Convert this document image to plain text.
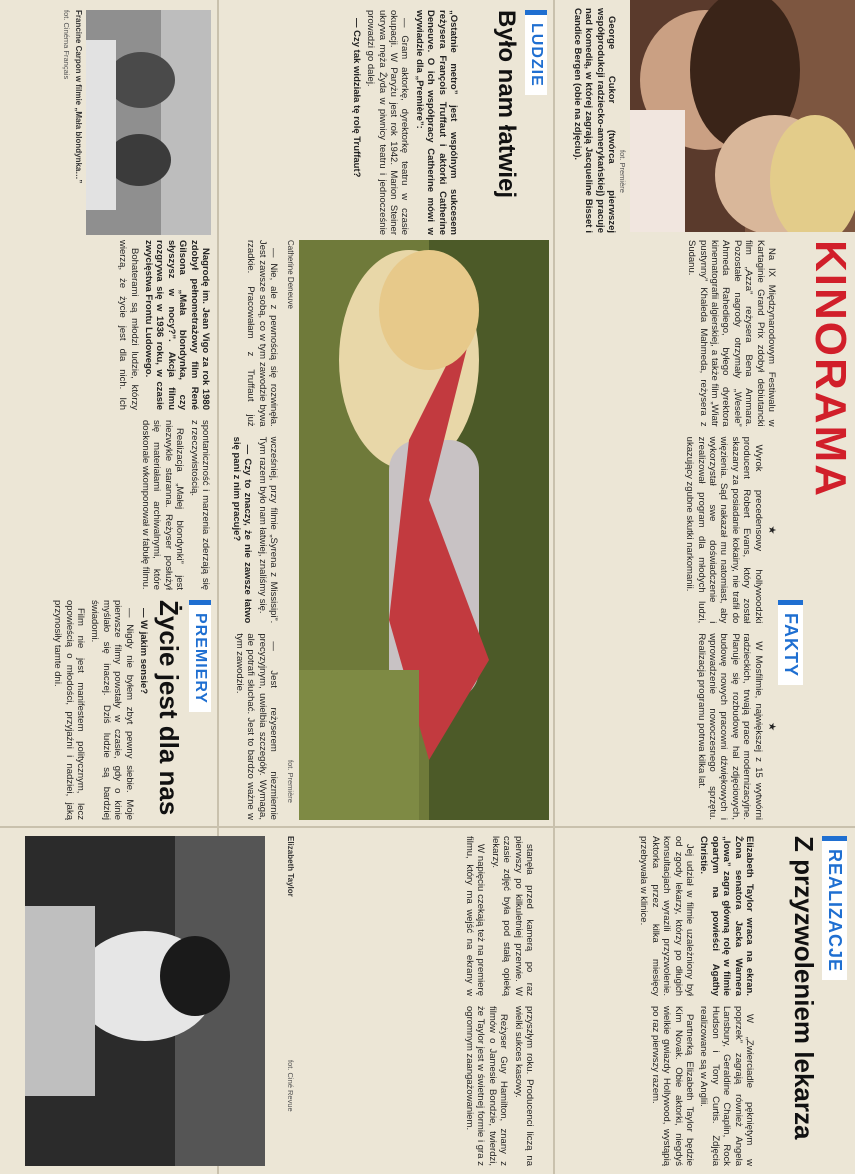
fot. Première
KINORAMA
FAKTY

Na IX Międzynarodowym Festiwalu w Kartaginie Grand Prix zdobył debiutancki film „Azza” reżysera Bena Ammara. Pozostałe nagrody otrzymały „Wesele” Ahmeda Rahediego, byłego dyrektora kinematografii algierskiej, a także film „Wiatr pustynny” Khaleda Mahmeda, reżysera z Sudanu.

★

Wyrok precedensowy hollywoodzki producent Robert Evans, który został skazany za posiadanie kokainy, nie trafił do więzienia. Sąd nakazał mu natomiast, aby wykorzystał swe doświadczenie i zrealizował program dla młodych ludzi, ukazujący zgubne skutki narkomanii.

★

W Mosfilmie, największej z 15 wytwórni radzieckich, trwają prace modernizacyjne. Planuje się rozbudowę hal zdjęciowych, budowę nowych pracowni dźwiękowych i wprowadzenie nowoczesnego sprzętu. Realizacja programu potrwa kilka lat.

George Cukor (twórca pierwszej współprodukcji radziecko-amerykańskiej) pracuje nad komedią, w której zagrają Jacqueline Bisset i Candice Bergen (obie na zdjęciu).

Catherine Deneuve
fot. Première
LUDZIE
Było nam łatwiej

„Ostatnie metro” jest wspólnym sukcesem reżysera François Truffaut i aktorki Catherine Deneuve. O ich współpracy Catherine mówi w wywiadzie dla „Première”:

— Gram aktorkę, dyrektorkę teatru w czasie okupacji. W Paryżu jest rok 1942. Marion Steiner ukrywa męża Żyda w piwnicy teatru i jednocześnie prowadzi go dalej.

— Czy tak widziała tę rolę Truffaut?

— Nie, ale z pewnością się rozwinęła. Jest zawsze sobą, co w tym zawodzie bywa rzadkie. Pracowałam z Truffaut już wcześniej, przy filmie „Syrena z Missisipi”. Tym razem było nam łatwiej, znaliśmy się.

— Czy to znaczy, że nie zawsze łatwo się pani z nim pracuje?

— Jest reżyserem niezmiernie precyzyjnym, uwielbia szczegóły. Wymaga, ale potrafi słuchać. Jest to bardzo ważne w tym zawodzie.

Francine Carpon w filmie „Mała blondynka…”
fot. Cinéma Français
PREMIERY
Życie jest dla nas

Nagrodę im. Jean Vigo za rok 1980 zdobył pełnometrażowy film René Gilsona „Mała blondynka, czy słyszysz w nocy?”. Akcja filmu rozgrywa się w 1936 roku, w czasie zwycięstwa Frontu Ludowego.

Bohaterami są młodzi ludzie, którzy wierzą, że życie jest dla nich. Ich spontaniczność i marzenia zderzają się z rzeczywistością.

Realizacja „Małej blondynki” jest niezwykle staranna. Reżyser posłużył się materiałami archiwalnymi, które doskonale wkomponował w fabułę filmu.

— W jakim sensie?

— Nigdy nie byłem zbyt pewny siebie. Moje pierwsze filmy powstały w czasie, gdy o kinie myślało się inaczej. Dziś ludzie są bardziej świadomi.

Film nie jest manifestem politycznym, lecz opowieścią o młodości, przyjaźni i nadziei, jaką przynosiły tamte dni.

REALIZACJE
Z przyzwoleniem lekarza

Elizabeth Taylor wraca na ekran. Żona senatora Jacka Warnera „Iowa” zagra główną rolę w filmie opartym na powieści Agathy Christie.

Jej udział w filmie uzależniony był od zgody lekarzy, którzy po długich konsultacjach wyrazili przyzwolenie. Aktorka przez kilka miesięcy przebywała w klinice.

W „Zwierciadle pękniętym w poprzek” zagrają również Angela Lansbury, Geraldine Chaplin, Rock Hudson i Tony Curtis. Zdjęcia realizowane są w Anglii.

Partnerką Elizabeth Taylor będzie Kim Novak. Obie aktorki, niegdyś wielkie gwiazdy Hollywood, wystąpią po raz pierwszy razem.

stanęła przed kamerą po raz pierwszy po kilkuletniej przerwie. W czasie zdjęć była pod stałą opieką lekarzy.

W napięciu czekają też na premierę filmu, który ma wejść na ekrany w przyszłym roku. Producenci liczą na wielki sukces kasowy.

Reżyser Guy Hamilton, znany z filmów o Jamesie Bondzie, twierdzi, że Taylor jest w świetnej formie i gra z ogromnym zaangażowaniem.

Elizabeth Taylor
fot. Ciné Revue
